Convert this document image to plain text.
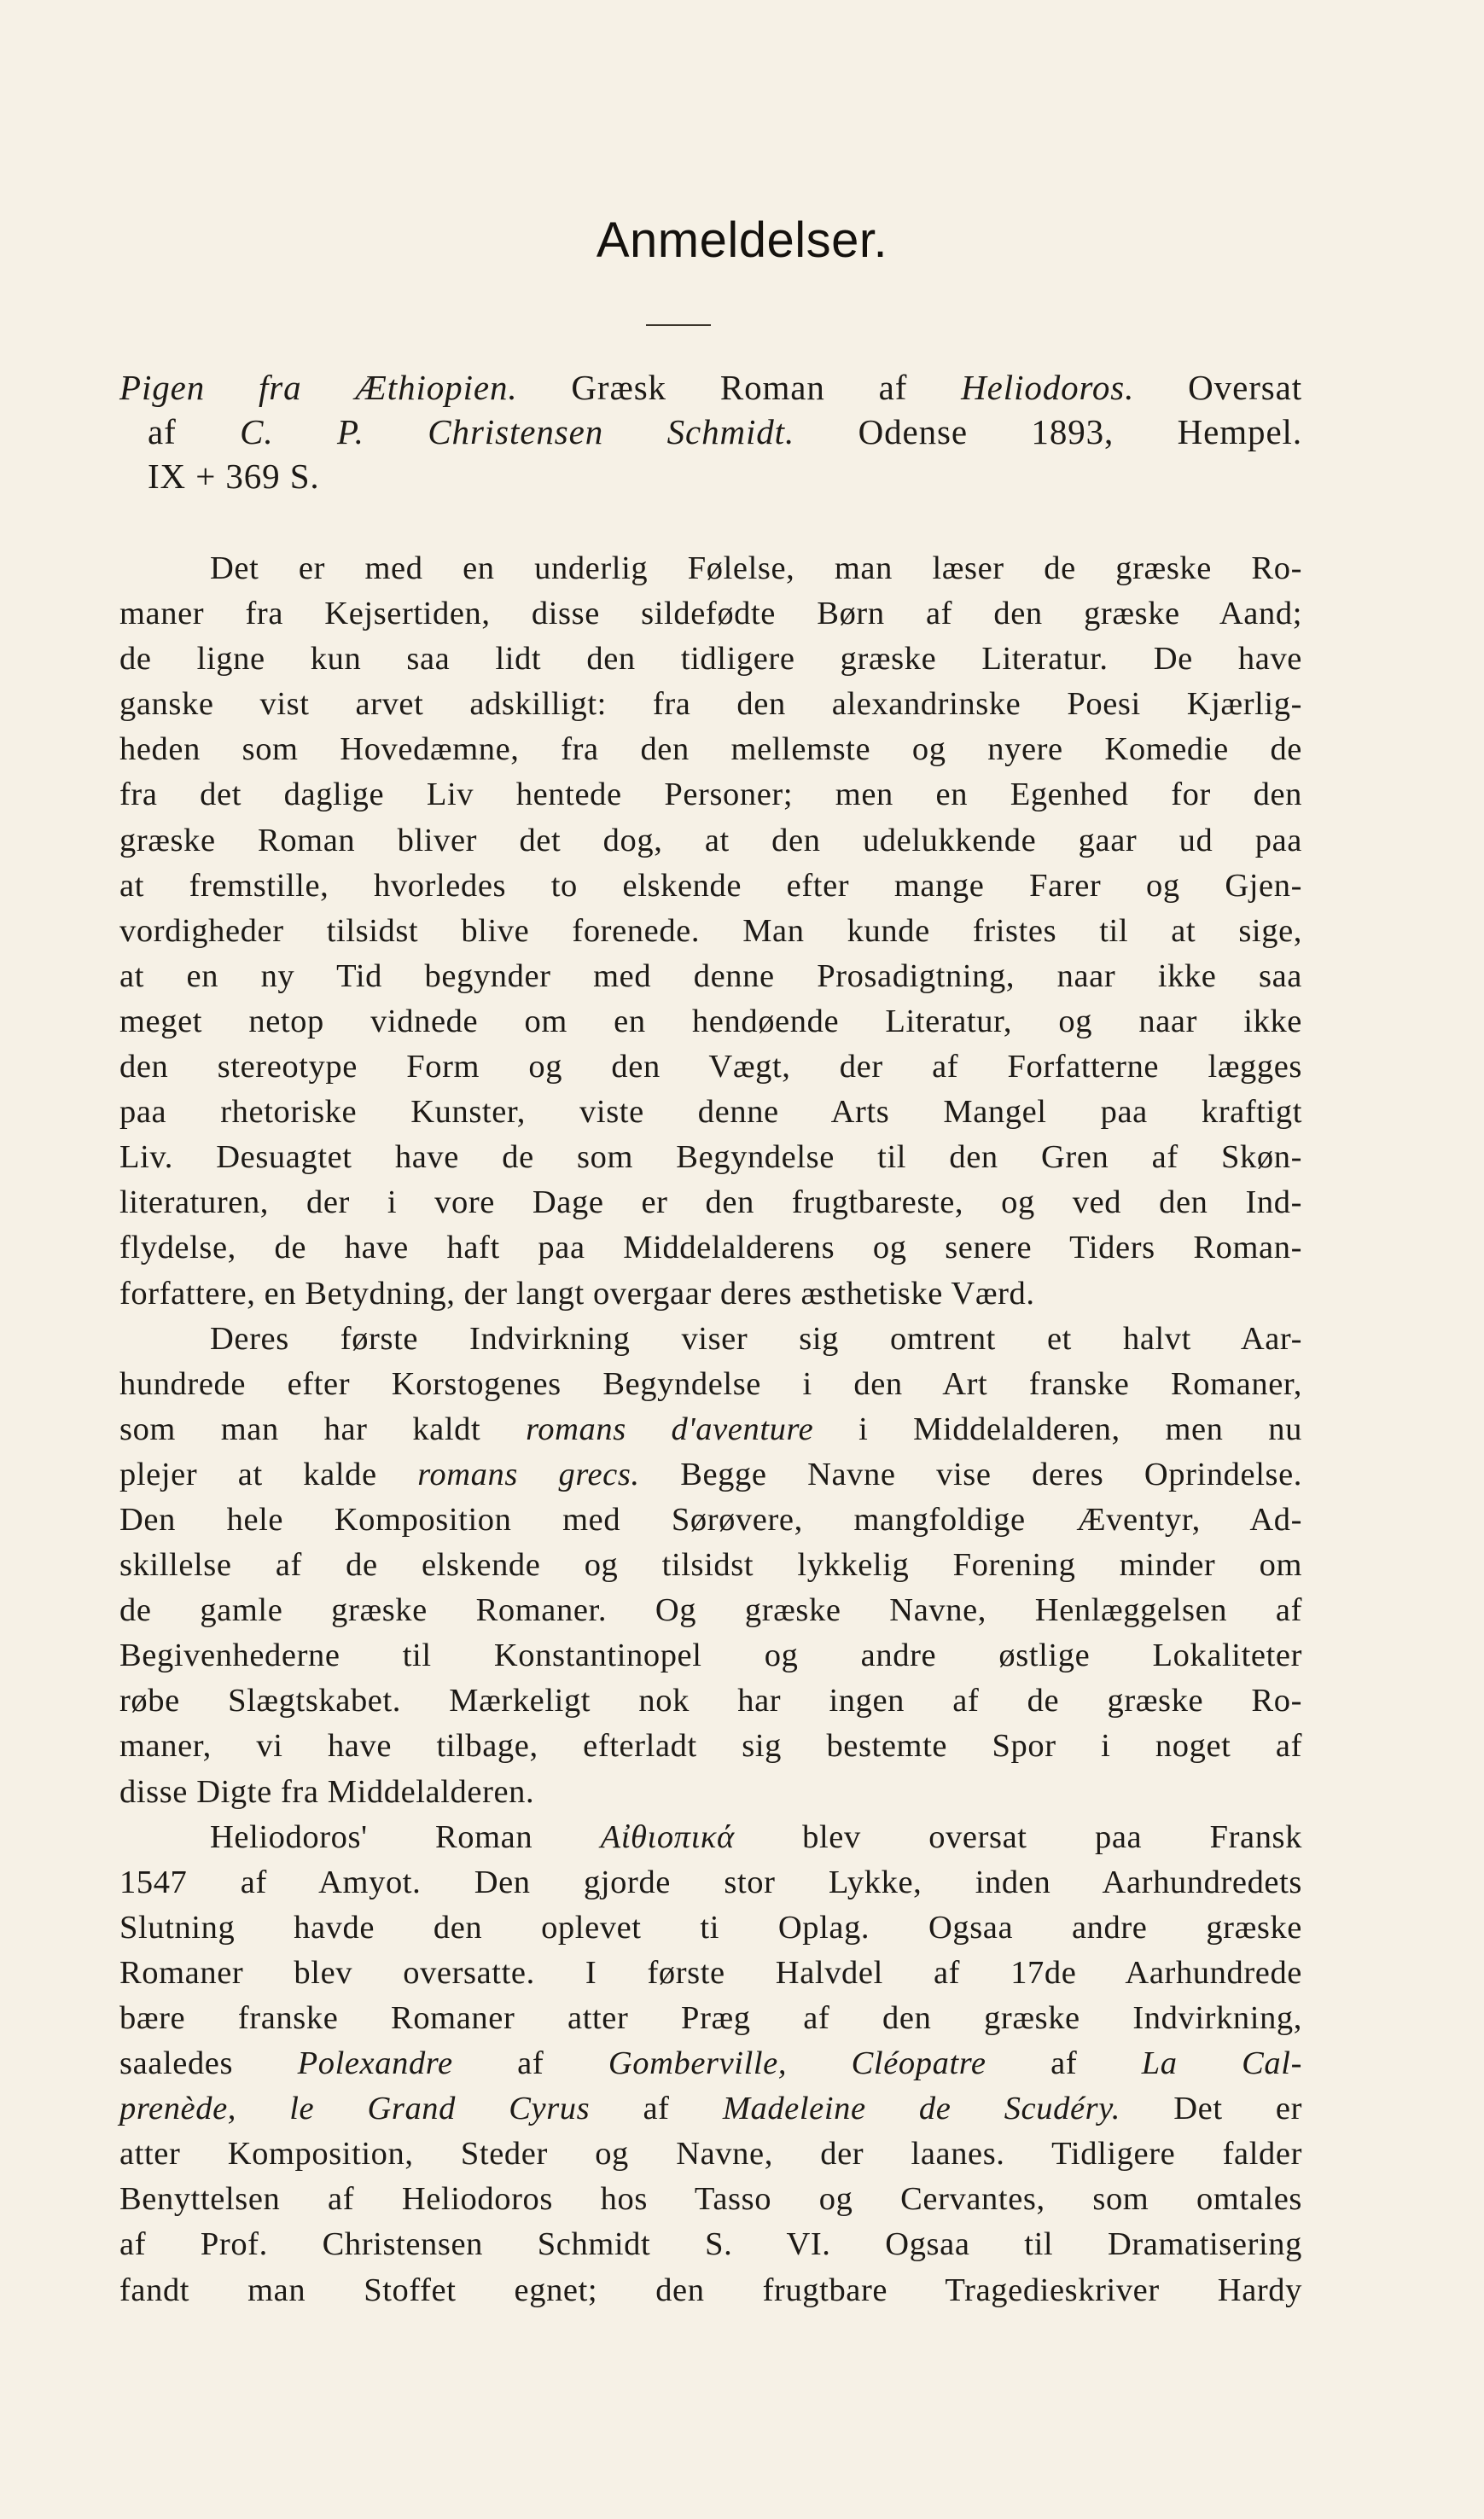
Anmeldelser.
Pigen fra Æthiopien. Græsk Roman af Heliodoros. Oversat
af C. P. Christensen Schmidt. Odense 1893, Hempel.
IX + 369 S.
Det er med en underlig Følelse, man læser de græske Ro-
maner fra Kejsertiden, disse sildefødte Børn af den græske Aand;
de ligne kun saa lidt den tidligere græske Literatur. De have
ganske vist arvet adskilligt: fra den alexandrinske Poesi Kjærlig-
heden som Hovedæmne, fra den mellemste og nyere Komedie de
fra det daglige Liv hentede Personer; men en Egenhed for den
græske Roman bliver det dog, at den udelukkende gaar ud paa
at fremstille, hvorledes to elskende efter mange Farer og Gjen-
vordigheder tilsidst blive forenede. Man kunde fristes til at sige,
at en ny Tid begynder med denne Prosadigtning, naar ikke saa
meget netop vidnede om en hendøende Literatur, og naar ikke
den stereotype Form og den Vægt, der af Forfatterne lægges
paa rhetoriske Kunster, viste denne Arts Mangel paa kraftigt
Liv. Desuagtet have de som Begyndelse til den Gren af Skøn-
literaturen, der i vore Dage er den frugtbareste, og ved den Ind-
flydelse, de have haft paa Middelalderens og senere Tiders Roman-
forfattere, en Betydning, der langt overgaar deres æsthetiske Værd.
Deres første Indvirkning viser sig omtrent et halvt Aar-
hundrede efter Korstogenes Begyndelse i den Art franske Romaner,
som man har kaldt romans d'aventure i Middelalderen, men nu
plejer at kalde romans grecs. Begge Navne vise deres Oprindelse.
Den hele Komposition med Sørøvere, mangfoldige Æventyr, Ad-
skillelse af de elskende og tilsidst lykkelig Forening minder om
de gamle græske Romaner. Og græske Navne, Henlæggelsen af
Begivenhederne til Konstantinopel og andre østlige Lokaliteter
røbe Slægtskabet. Mærkeligt nok har ingen af de græske Ro-
maner, vi have tilbage, efterladt sig bestemte Spor i noget af
disse Digte fra Middelalderen.
Heliodoros' Roman Αἰθιοπικά blev oversat paa Fransk
1547 af Amyot. Den gjorde stor Lykke, inden Aarhundredets
Slutning havde den oplevet ti Oplag. Ogsaa andre græske
Romaner blev oversatte. I første Halvdel af 17de Aarhundrede
bære franske Romaner atter Præg af den græske Indvirkning,
saaledes Polexandre af Gomberville, Cléopatre af La Cal-
prenède, le Grand Cyrus af Madeleine de Scudéry. Det er
atter Komposition, Steder og Navne, der laanes. Tidligere falder
Benyttelsen af Heliodoros hos Tasso og Cervantes, som omtales
af Prof. Christensen Schmidt S. VI. Ogsaa til Dramatisering
fandt man Stoffet egnet; den frugtbare Tragedieskriver Hardy
